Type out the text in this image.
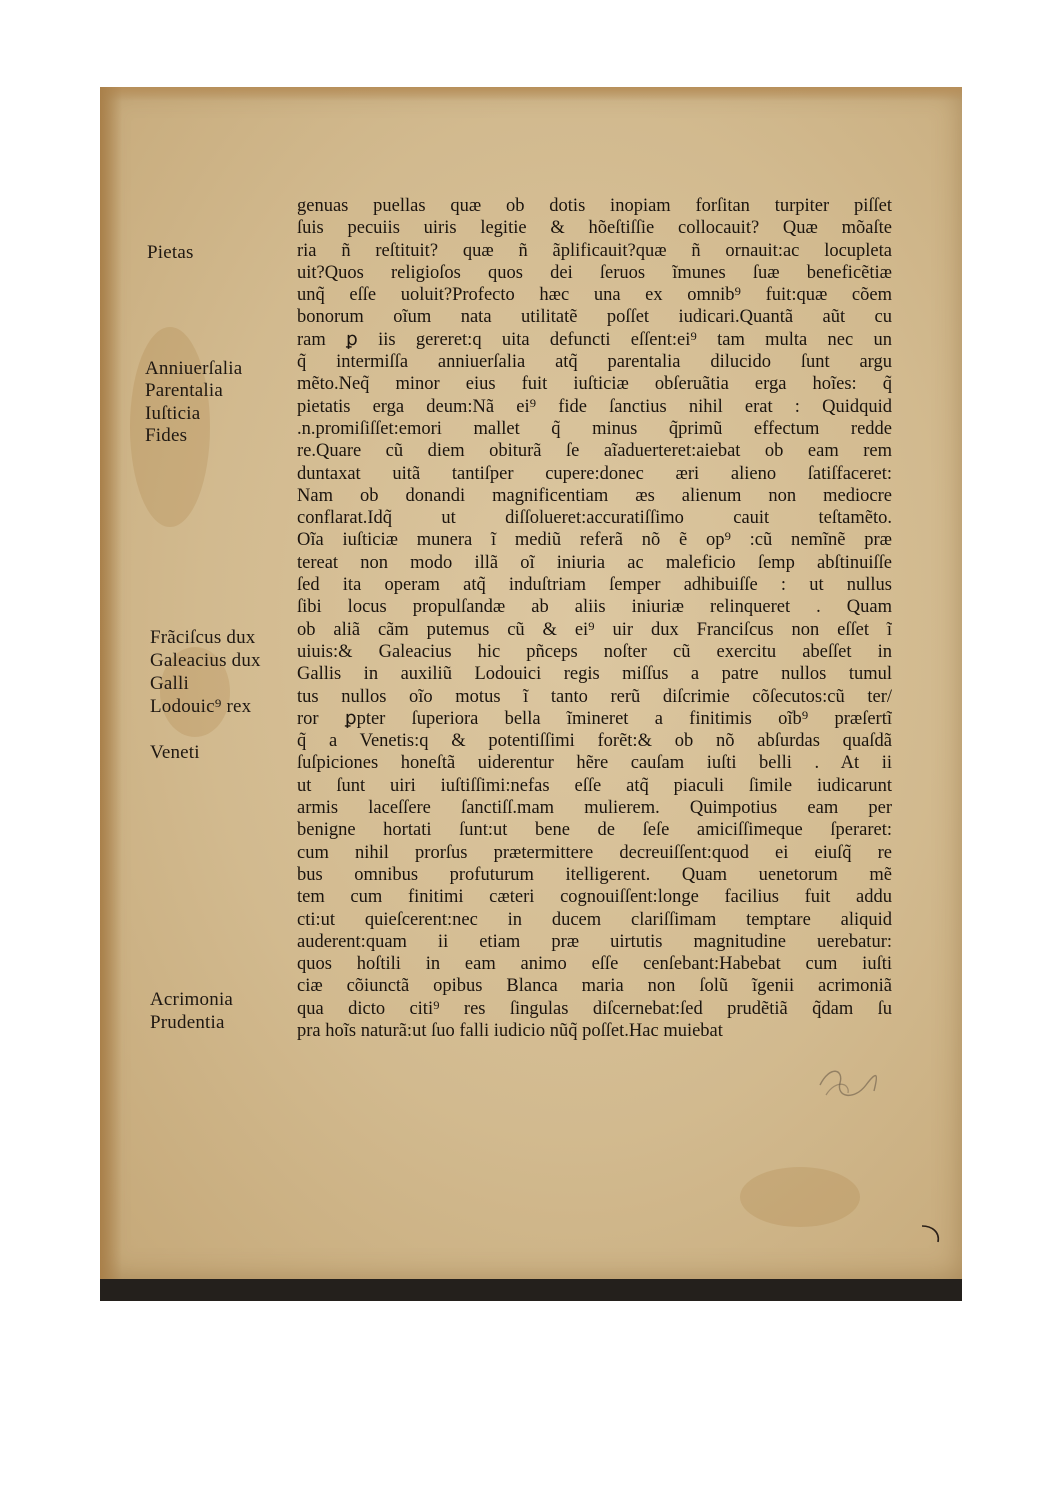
Pietas
Anniuerſalia
Parentalia
Iuſticia
Fides
Frãciſcus dux
Galeacius dux
Galli
Lodouic⁹ rex
Veneti
Acrimonia
Prudentia
genuas puellas quæ ob dotis inopiam forſitan turpiter piſſet
ſuis pecuiis uiris legitie & hõeſtiſſie collocauit? Quæ mõaſte
ria ñ reſtituit? quæ ñ ãplificauit?quæ ñ ornauit:ac locupleta
uit?Quos religioſos quos dei ſeruos ĩmunes ſuæ beneficẽtiæ
unq̃ eſſe uoluit?Profecto hæc una ex omnib⁹ fuit:quæ cõem
bonorum oĩum nata utilitatẽ poſſet iudicari.Quantã aũt cu
ram ꝑ iis gereret:q uita defuncti eſſent:ei⁹ tam multa nec un
q̃ intermiſſa anniuerſalia atq̃ parentalia dilucido ſunt argu
mẽto.Neq̃ minor eius fuit iuſticiæ obſeruãtia erga hoĩes: q̃
pietatis erga deum:Nã ei⁹ fide ſanctius nihil erat : Quidquid
.n.promiſiſſet:emori mallet q̃ minus q̃primũ effectum redde
re.Quare cũ diem obiturã ſe aĩaduerteret:aiebat ob eam rem
duntaxat uitã tantiſper cupere:donec æri alieno ſatiſfaceret:
Nam ob donandi magnificentiam æs alienum non mediocre
conflarat.Idq̃ ut diſſolueret:accuratiſſimo cauit teſtamẽto.
Oĩa iuſticiæ munera ĩ mediũ referã nõ ẽ op⁹ :cũ nemĩnẽ præ
tereat non modo illã oĩ iniuria ac maleficio ſemp abſtinuiſſe
ſed ita operam atq̃ induſtriam ſemper adhibuiſſe : ut nullus
ſibi locus propulſandæ ab aliis iniuriæ relinqueret . Quam
ob aliã cãm putemus cũ & ei⁹ uir dux Franciſcus non eſſet ĩ
uiuis:& Galeacius hic pñceps noſter cũ exercitu abeſſet in
Gallis in auxiliũ Lodouici regis miſſus a patre nullos tumul
tus nullos oĩo motus ĩ tanto rerũ diſcrimie cõſecutos:cũ ter/
ror ꝑpter ſuperiora bella ĩmineret a finitimis oĩb⁹ præſertĩ
q̃ a Venetis:q & potentiſſimi forẽt:& ob nõ abſurdas quaſdã
ſuſpiciones honeſtã uiderentur hẽre cauſam iuſti belli . At ii
ut ſunt uiri iuſtiſſimi:nefas eſſe atq̃ piaculi ſimile iudicarunt
armis laceſſere ſanctiſſ.mam mulierem. Quimpotius eam per
benigne hortati ſunt:ut bene de ſeſe amiciſſimeque ſperaret:
cum nihil prorſus prætermittere decreuiſſent:quod ei eiuſq̃ re
bus omnibus profuturum itelligerent. Quam uenetorum mẽ
tem cum finitimi cæteri cognouiſſent:longe facilius fuit addu
cti:ut quieſcerent:nec in ducem clariſſimam temptare aliquid
auderent:quam ii etiam præ uirtutis magnitudine uerebatur:
quos hoſtili in eam animo eſſe cenſebant:Habebat cum iuſti
ciæ cõiunctã opibus Blanca maria non ſolũ ĩgenii acrimoniã
qua dicto citi⁹ res ſingulas diſcernebat:ſed prudẽtiã q̃dam ſu
pra hoĩs naturã:ut ſuo falli iudicio nũq̃ poſſet.Hac muiebat
